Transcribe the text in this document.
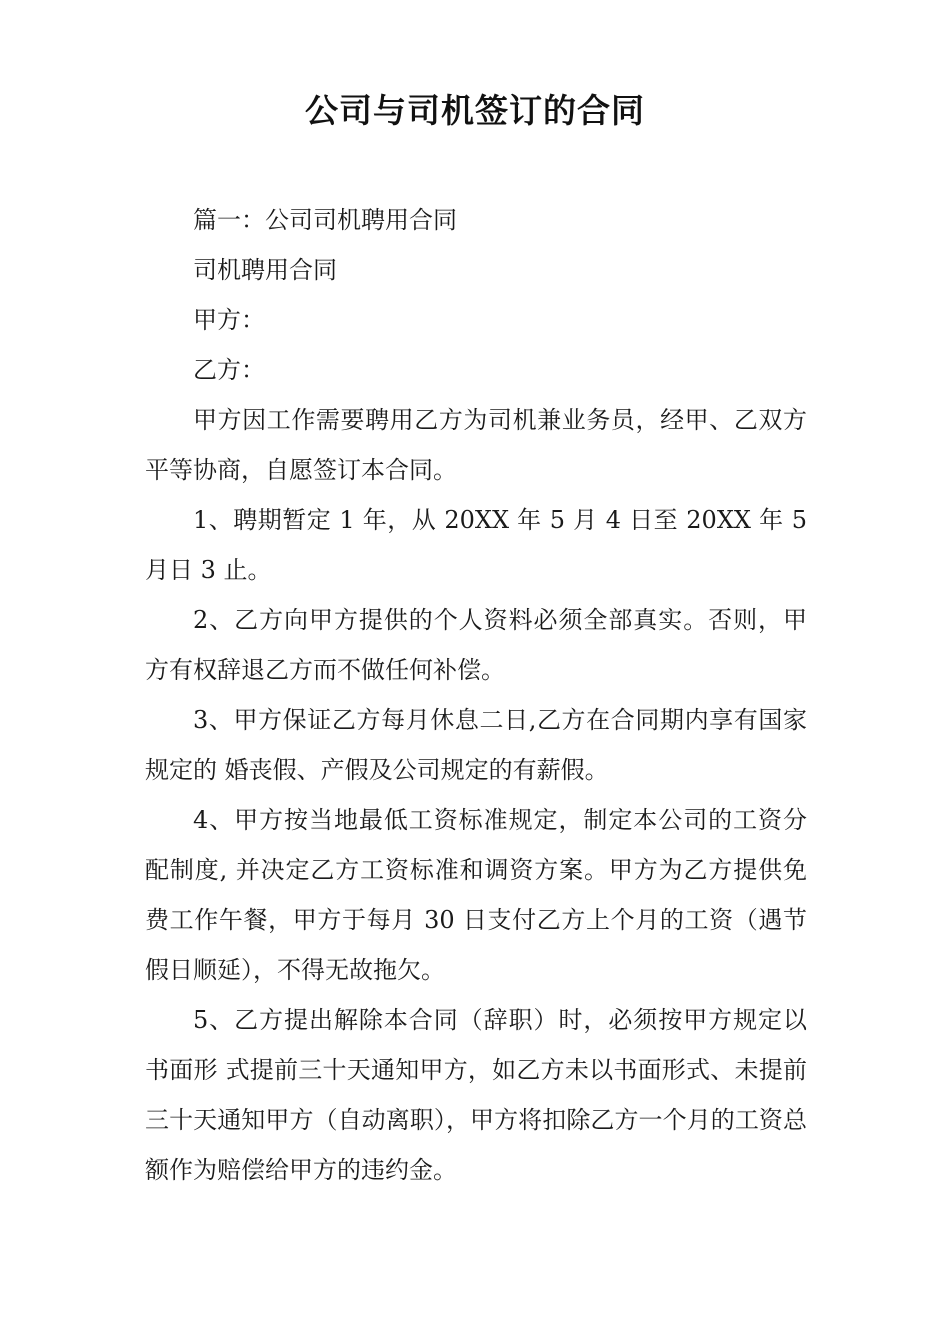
公司与司机签订的合同

篇一：公司司机聘用合同

司机聘用合同

甲方：

乙方：

甲方因工作需要聘用乙方为司机兼业务员，经甲、乙双方平等协商，自愿签订本合同。

1、聘期暂定 1 年，从 20XX 年 5 月 4 日至 20XX 年 5 月日 3 止。

2、乙方向甲方提供的个人资料必须全部真实。否则，甲方有权辞退乙方而不做任何补偿。

3、甲方保证乙方每月休息二日,乙方在合同期内享有国家规定的 婚丧假、产假及公司规定的有薪假。

4、甲方按当地最低工资标准规定，制定本公司的工资分配制度, 并决定乙方工资标准和调资方案。甲方为乙方提供免费工作午餐，甲方于每月 30 日支付乙方上个月的工资（遇节假日顺延），不得无故拖欠。

5、乙方提出解除本合同（辞职）时，必须按甲方规定以书面形 式提前三十天通知甲方，如乙方未以书面形式、未提前三十天通知甲方（自动离职），甲方将扣除乙方一个月的工资总额作为赔偿给甲方的违约金。
